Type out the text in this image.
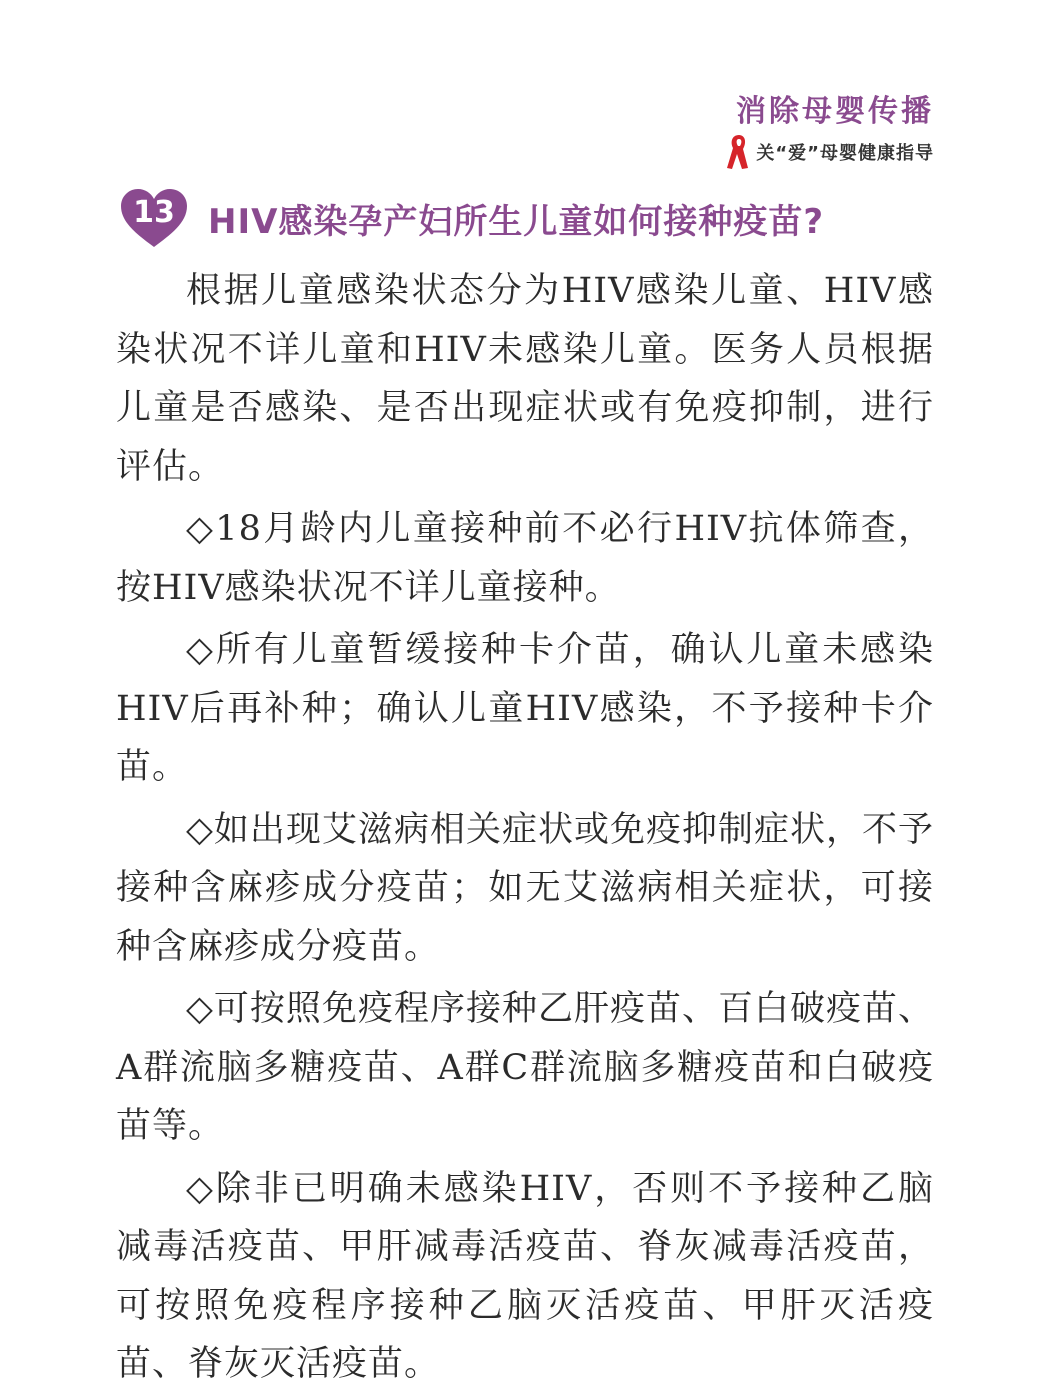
消除母婴传播
关“爱”母婴健康指导
13 HIV感染孕产妇所生儿童如何接种疫苗?

根据儿童感染状态分为HIV感染儿童、HIV感染状况不详儿童和HIV未感染儿童。医务人员根据儿童是否感染、是否出现症状或有免疫抑制，进行评估。

◇18月龄内儿童接种前不必行HIV抗体筛查，按HIV感染状况不详儿童接种。

◇所有儿童暂缓接种卡介苗，确认儿童未感染HIV后再补种；确认儿童HIV感染，不予接种卡介苗。

◇如出现艾滋病相关症状或免疫抑制症状，不予接种含麻疹成分疫苗；如无艾滋病相关症状，可接种含麻疹成分疫苗。

◇可按照免疫程序接种乙肝疫苗、百白破疫苗、A群流脑多糖疫苗、A群C群流脑多糖疫苗和白破疫苗等。

◇除非已明确未感染HIV，否则不予接种乙脑减毒活疫苗、甲肝减毒活疫苗、脊灰减毒活疫苗，可按照免疫程序接种乙脑灭活疫苗、甲肝灭活疫苗、脊灰灭活疫苗。
